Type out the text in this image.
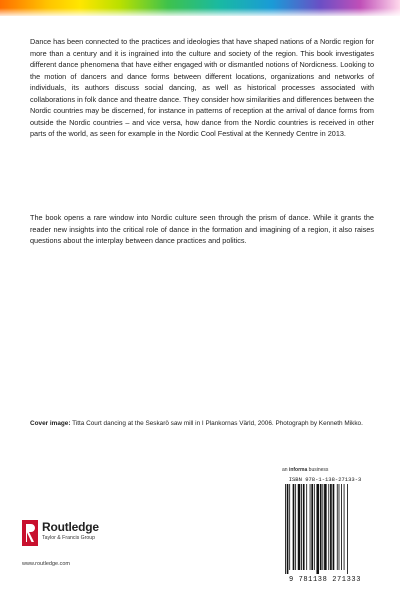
Dance has been connected to the practices and ideologies that have shaped nations of a Nordic region for more than a century and it is ingrained into the culture and society of the region. This book investigates different dance phenomena that have either engaged with or dismantled notions of Nordicness. Looking to the motion of dancers and dance forms between different locations, organizations and networks of individuals, its authors discuss social dancing, as well as historical processes associated with collaborations in folk dance and theatre dance. They consider how similarities and differences between the Nordic countries may be discerned, for instance in patterns of reception at the arrival of dance forms from outside the Nordic countries – and vice versa, how dance from the Nordic countries is received in other parts of the world, as seen for example in the Nordic Cool Festival at the Kennedy Centre in 2013.

The book opens a rare window into Nordic culture seen through the prism of dance. While it grants the reader new insights into the critical role of dance in the formation and imagining of a region, it also raises questions about the interplay between dance practices and politics.

Cover image: Titta Court dancing at the Seskarö saw mill in I Plankornas Värld, 2006. Photograph by Kenneth Mikko.

an informa business
Routledge
Taylor & Francis Group
www.routledge.com
ISBN 978-1-138-27133-3
9 781138 271333
